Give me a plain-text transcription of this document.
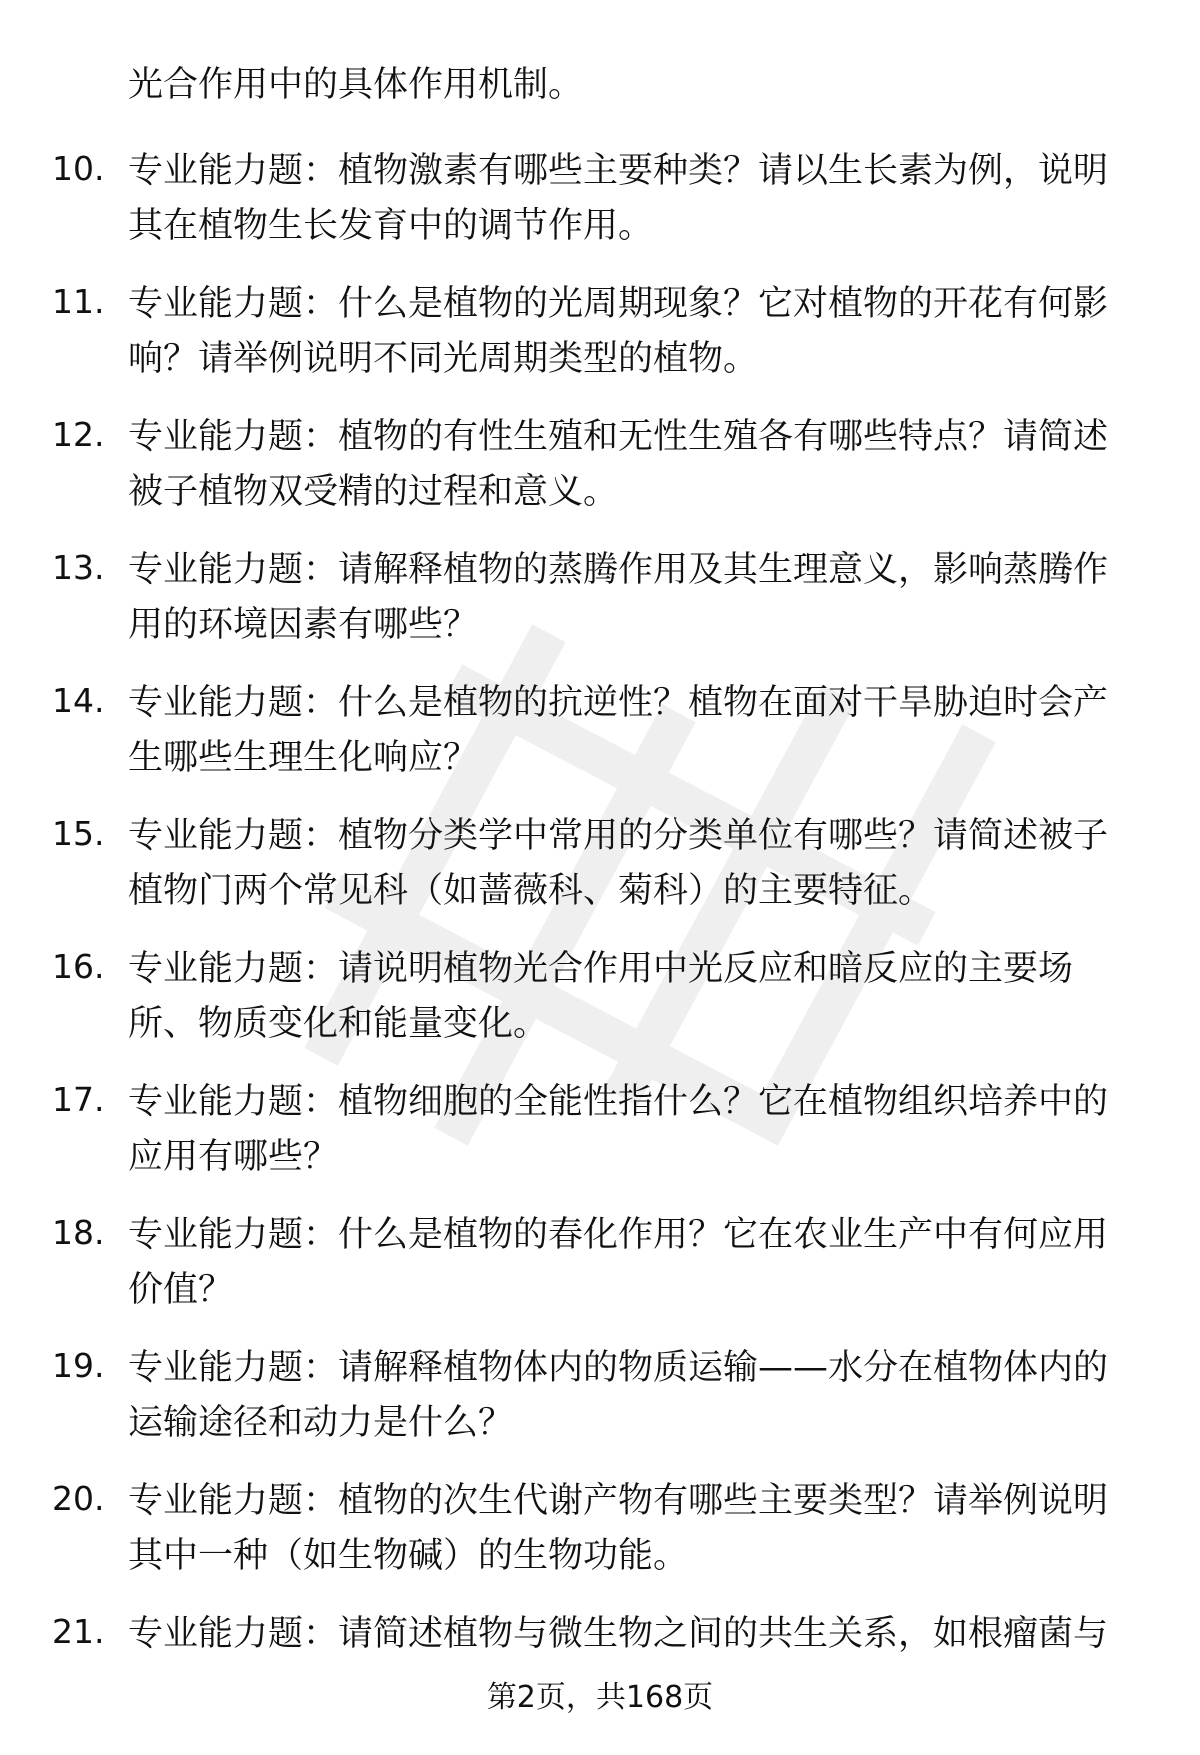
光合作用中的具体作用机制。
10. 专业能力题：植物激素有哪些主要种类？请以生长素为例，说明
其在植物生长发育中的调节作用。
11. 专业能力题：什么是植物的光周期现象？它对植物的开花有何影
响？请举例说明不同光周期类型的植物。
12. 专业能力题：植物的有性生殖和无性生殖各有哪些特点？请简述
被子植物双受精的过程和意义。
13. 专业能力题：请解释植物的蒸腾作用及其生理意义，影响蒸腾作
用的环境因素有哪些？
14. 专业能力题：什么是植物的抗逆性？植物在面对干旱胁迫时会产
生哪些生理生化响应？
15. 专业能力题：植物分类学中常用的分类单位有哪些？请简述被子
植物门两个常见科（如蔷薇科、菊科）的主要特征。
16. 专业能力题：请说明植物光合作用中光反应和暗反应的主要场
所、物质变化和能量变化。
17. 专业能力题：植物细胞的全能性指什么？它在植物组织培养中的
应用有哪些？
18. 专业能力题：什么是植物的春化作用？它在农业生产中有何应用
价值？
19. 专业能力题：请解释植物体内的物质运输——水分在植物体内的
运输途径和动力是什么？
20. 专业能力题：植物的次生代谢产物有哪些主要类型？请举例说明
其中一种（如生物碱）的生物功能。
21. 专业能力题：请简述植物与微生物之间的共生关系，如根瘤菌与
第2页，共168页
